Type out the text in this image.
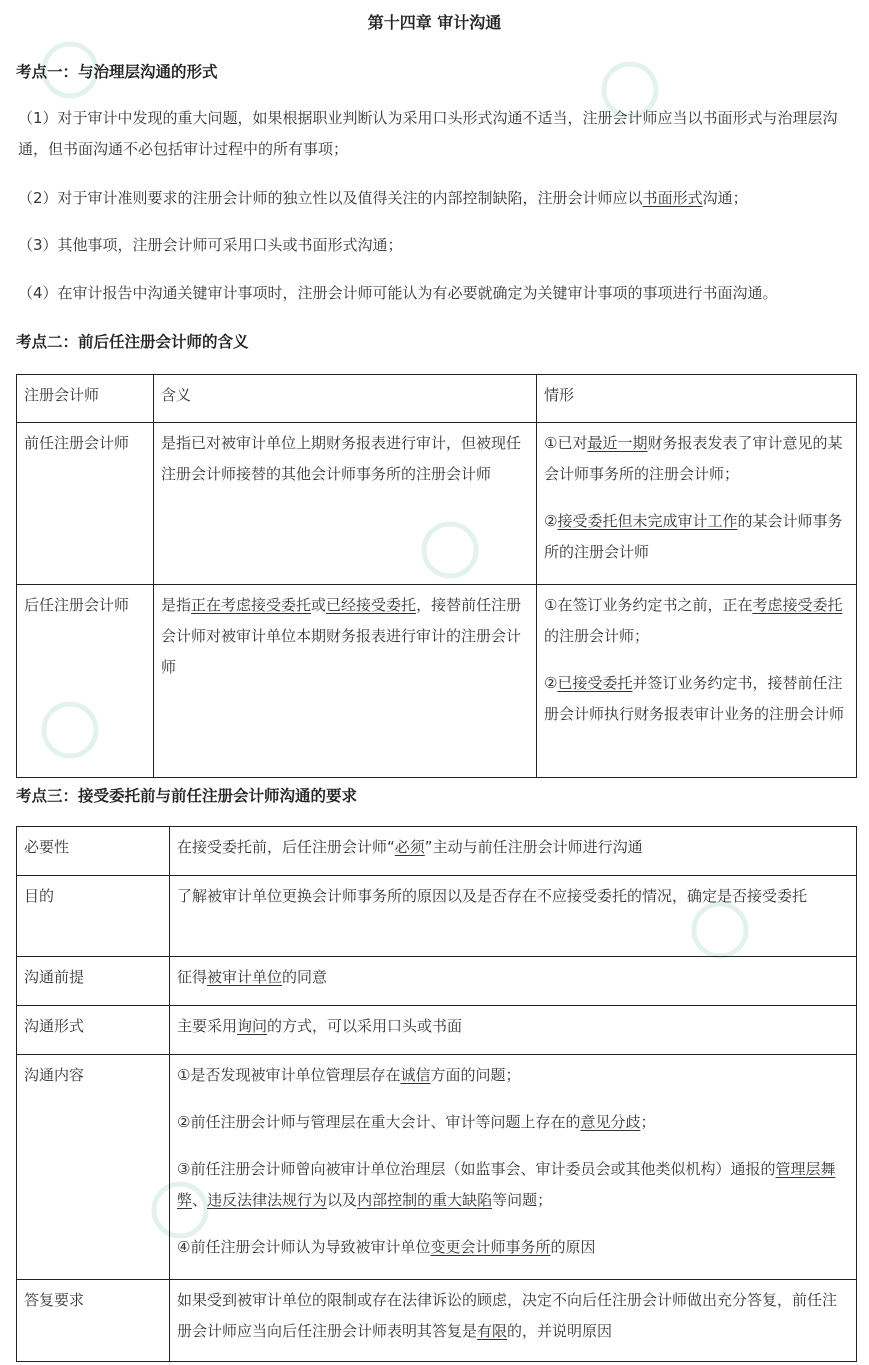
第十四章 审计沟通
考点一：与治理层沟通的形式
（1）对于审计中发现的重大问题，如果根据职业判断认为采用口头形式沟通不适当，注册会计师应当以书面形式与治理层沟通，但书面沟通不必包括审计过程中的所有事项；
（2）对于审计准则要求的注册会计师的独立性以及值得关注的内部控制缺陷，注册会计师应以书面形式沟通；
（3）其他事项，注册会计师可采用口头或书面形式沟通；
（4）在审计报告中沟通关键审计事项时，注册会计师可能认为有必要就确定为关键审计事项的事项进行书面沟通。
考点二：前后任注册会计师的含义
注册会计师	含义	情形
前任注册会计师	是指已对被审计单位上期财务报表进行审计，但被现任注册会计师接替的其他会计师事务所的注册会计师	①已对最近一期财务报表发表了审计意见的某会计师事务所的注册会计师；

②接受委托但未完成审计工作的某会计师事务所的注册会计师

后任注册会计师	是指正在考虑接受委托或已经接受委托，接替前任注册会计师对被审计单位本期财务报表进行审计的注册会计师	①在签订业务约定书之前，正在考虑接受委托的注册会计师；

②已接受委托并签订业务约定书，接替前任注册会计师执行财务报表审计业务的注册会计师

考点三：接受委托前与前任注册会计师沟通的要求
必要性	在接受委托前，后任注册会计师“必须”主动与前任注册会计师进行沟通
目的	了解被审计单位更换会计师事务所的原因以及是否存在不应接受委托的情况，确定是否接受委托
沟通前提	征得被审计单位的同意
沟通形式	主要采用询问的方式，可以采用口头或书面
沟通内容	①是否发现被审计单位管理层存在诚信方面的问题；

②前任注册会计师与管理层在重大会计、审计等问题上存在的意见分歧；

③前任注册会计师曾向被审计单位治理层（如监事会、审计委员会或其他类似机构）通报的管理层舞弊、违反法律法规行为以及内部控制的重大缺陷等问题；

④前任注册会计师认为导致被审计单位变更会计师事务所的原因

答复要求	如果受到被审计单位的限制或存在法律诉讼的顾虑，决定不向后任注册会计师做出充分答复，前任注册会计师应当向后任注册会计师表明其答复是有限的，并说明原因
